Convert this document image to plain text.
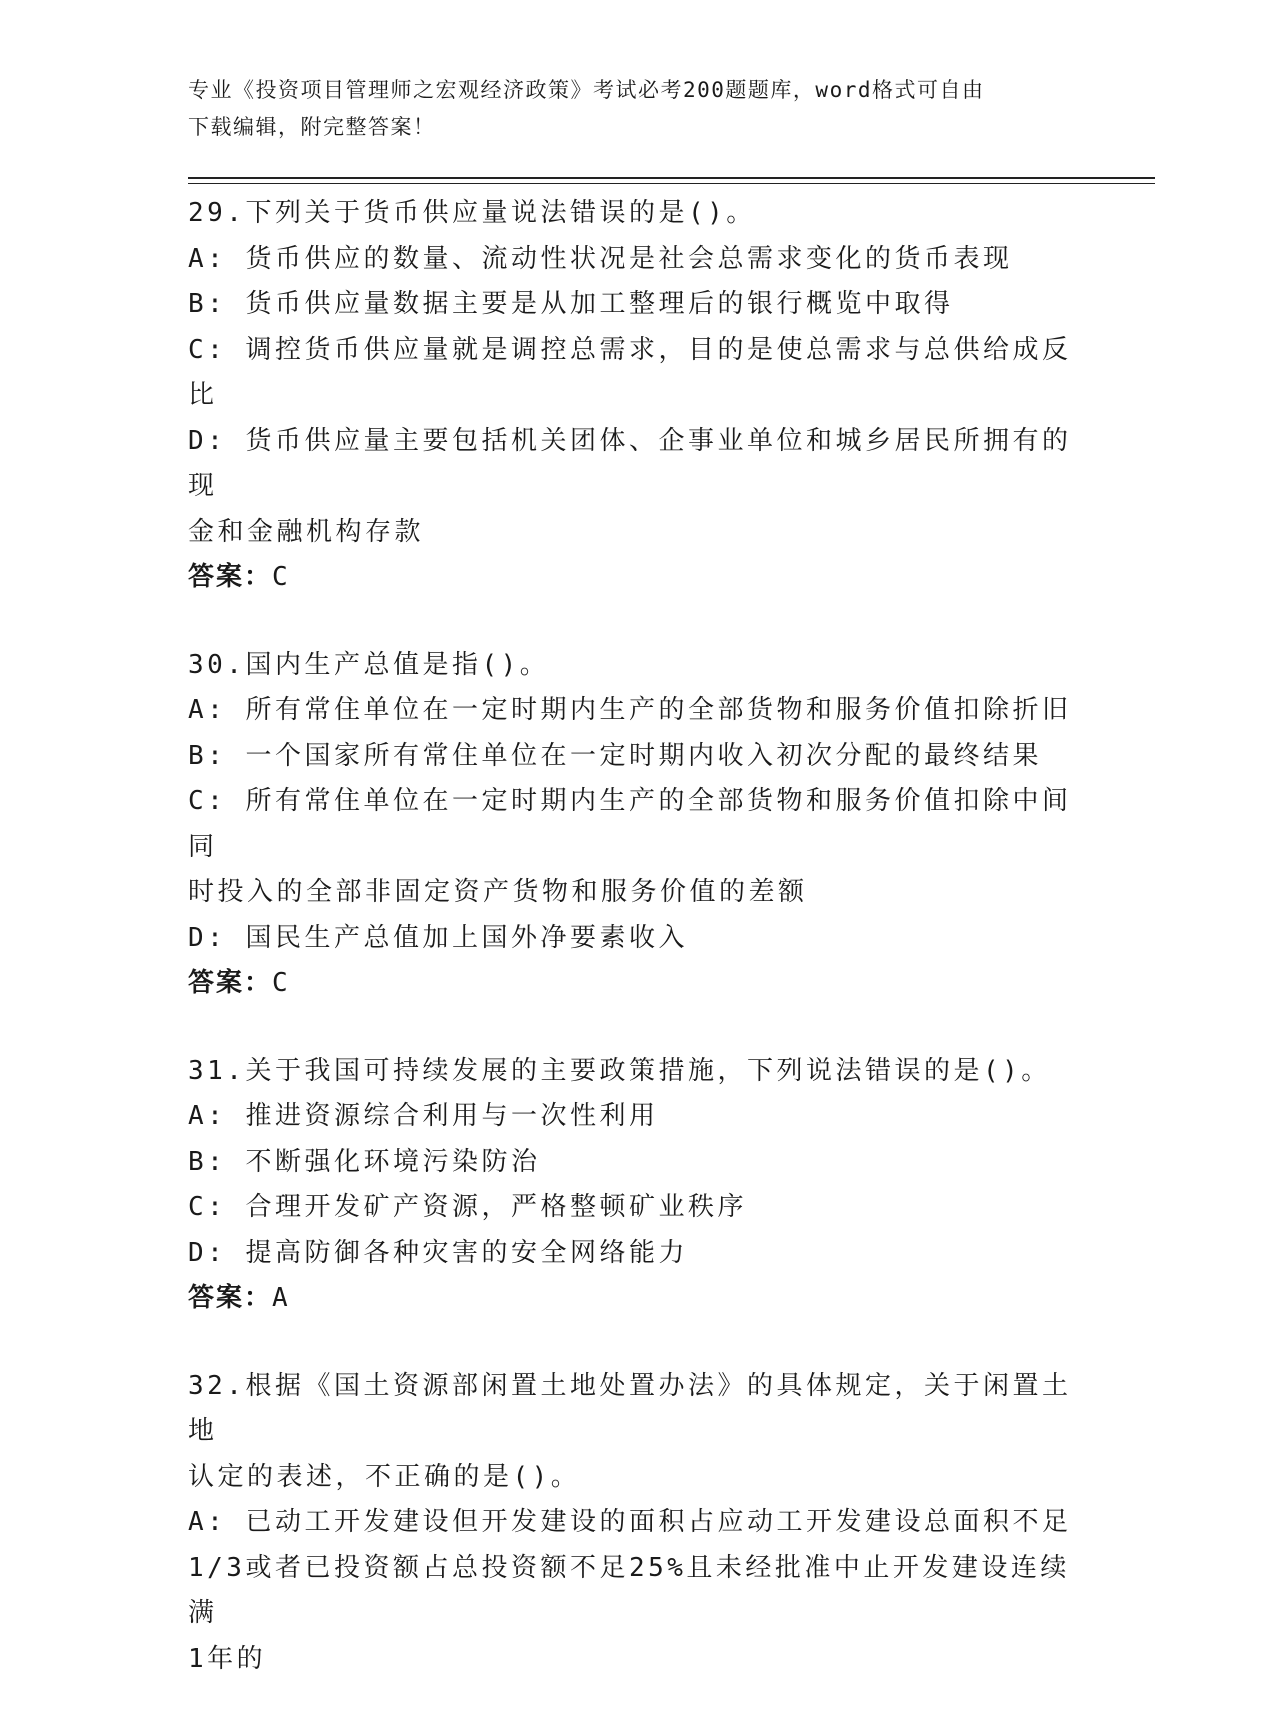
专业《投资项目管理师之宏观经济政策》考试必考200题题库，word格式可自由
下载编辑，附完整答案！
29.下列关于货币供应量说法错误的是()。
A: 货币供应的数量、流动性状况是社会总需求变化的货币表现
B: 货币供应量数据主要是从加工整理后的银行概览中取得
C: 调控货币供应量就是调控总需求，目的是使总需求与总供给成反比
D: 货币供应量主要包括机关团体、企事业单位和城乡居民所拥有的现
金和金融机构存款
答案：C
30.国内生产总值是指()。
A: 所有常住单位在一定时期内生产的全部货物和服务价值扣除折旧
B: 一个国家所有常住单位在一定时期内收入初次分配的最终结果
C: 所有常住单位在一定时期内生产的全部货物和服务价值扣除中间同
时投入的全部非固定资产货物和服务价值的差额
D: 国民生产总值加上国外净要素收入
答案：C
31.关于我国可持续发展的主要政策措施，下列说法错误的是()。
A: 推进资源综合利用与一次性利用
B: 不断强化环境污染防治
C: 合理开发矿产资源，严格整顿矿业秩序
D: 提高防御各种灾害的安全网络能力
答案：A
32.根据《国土资源部闲置土地处置办法》的具体规定，关于闲置土地
认定的表述，不正确的是()。
A: 已动工开发建设但开发建设的面积占应动工开发建设总面积不足
1/3或者已投资额占总投资额不足25%且未经批准中止开发建设连续满
1年的
